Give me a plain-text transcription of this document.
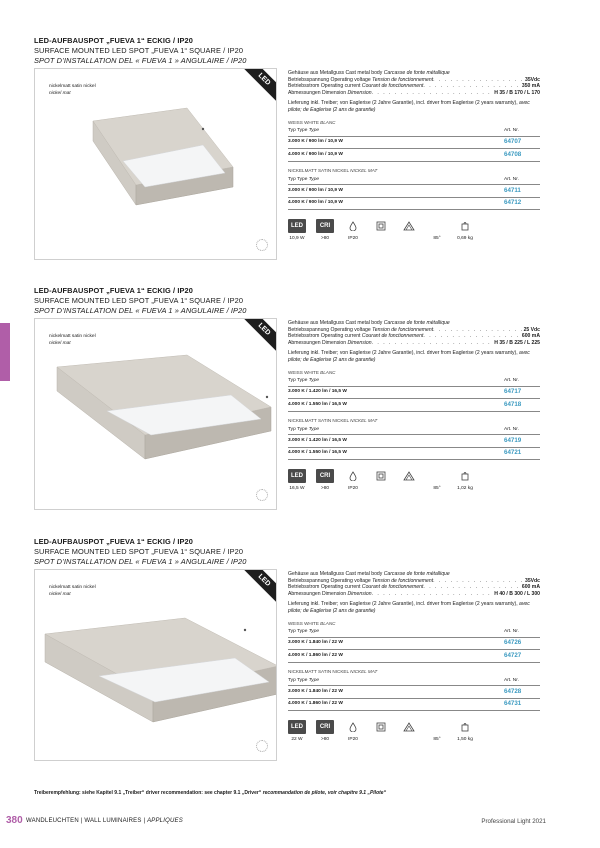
LED-AUFBAUSPOT „FUEVA 1“ ECKIG / IP20
SURFACE MOUNTED LED SPOT „FUEVA 1“ SQUARE / IP20
SPOT D’INSTALLATION DEL « FUEVA 1 » ANGULAIRE / IP20
nickelmatt satin nickel
nickel mat
LED	Gehäuse aus Metallguss Cast metal body Carcasse de fonte métallique
Betriebsspannung Operating voltage Tension de fonctionnement . . .	35Vdc
Betriebsstrom Operating current Courant de fonctionnement . . .	350 mA
Abmessungen Dimension Dimension . . .	H 35 / B 170 / L 170
Lieferung inkl. Treiber; von Eaglerise (2 Jahre Garantie), incl. driver from Eaglerise (2 years warranty), avec pilote; de Eaglerise (2 ans de garantie)
WEISS WHITE BLANC
Typ Type Type	Art. Nr.
3.000 K / 900 lm / 10,9 W	64707
4.000 K / 900 lm / 10,9 W	64708
NICKELMATT SATIN NICKEL NICKEL MAT
Typ Type Type	Art. Nr.
3.000 K / 900 lm / 10,9 W	64711
4.000 K / 900 lm / 10,9 W	64712
LED
10,9 W
CRI
>80	IP20	85°	0,69 kg
LED-AUFBAUSPOT „FUEVA 1“ ECKIG / IP20
SURFACE MOUNTED LED SPOT „FUEVA 1“ SQUARE / IP20
SPOT D’INSTALLATION DEL « FUEVA 1 » ANGULAIRE / IP20
nickelmatt satin nickel
nickel mat
LED	Gehäuse aus Metallguss Cast metal body Carcasse de fonte métallique
Betriebsspannung Operating voltage Tension de fonctionnement . . .	25 Vdc
Betriebsstrom Operating current Courant de fonctionnement . . .	600 mA
Abmessungen Dimension Dimension . . .	H 35 / B 225 / L 225
Lieferung inkl. Treiber; von Eaglerise (2 Jahre Garantie), incl. driver from Eaglerise (2 years warranty), avec pilote; de Eaglerise (2 ans de garantie)
WEISS WHITE BLANC
Typ Type Type	Art. Nr.
3.000 K / 1.420 lm / 16,5 W	64717
4.000 K / 1.550 lm / 16,5 W	64718
NICKELMATT SATIN NICKEL NICKEL MAT
Typ Type Type	Art. Nr.
3.000 K / 1.420 lm / 16,5 W	64719
4.000 K / 1.550 lm / 16,5 W	64721
LED
16,5 W
CRI
>80	IP20	85°	1,02 kg
LED-AUFBAUSPOT „FUEVA 1“ ECKIG / IP20
SURFACE MOUNTED LED SPOT „FUEVA 1“ SQUARE / IP20
SPOT D’INSTALLATION DEL « FUEVA 1 » ANGULAIRE / IP20
nickelmatt satin nickel
nickel mat
LED	Gehäuse aus Metallguss Cast metal body Carcasse de fonte métallique
Betriebsspannung Operating voltage Tension de fonctionnement . . .	35Vdc
Betriebsstrom Operating current Courant de fonctionnement . . .	600 mA
Abmessungen Dimension Dimension . . .	H 40 / B 300 / L 300
Lieferung inkl. Treiber; von Eaglerise (2 Jahre Garantie), incl. driver from Eaglerise (2 years warranty), avec pilote; de Eaglerise (2 ans de garantie)
WEISS WHITE BLANC
Typ Type Type	Art. Nr.
3.000 K / 1.840 lm / 22 W	64726
4.000 K / 1.860 lm / 22 W	64727
NICKELMATT SATIN NICKEL NICKEL MAT
Typ Type Type	Art. Nr.
3.000 K / 1.840 lm / 22 W	64728
4.000 K / 1.860 lm / 22 W	64731
LED
22 W
CRI
>80	IP20	85°	1,50 kg
Treiberempfehlung: siehe Kapitel 9.1 „Treiber“ driver recommendation: see chapter 9.1 „Driver“ recommandation de pilote, voir chapitre 9.1 „Pilote“
380 WANDLEUCHTEN | WALL LUMINAIRES | APPLIQUES	Professional Light 2021
